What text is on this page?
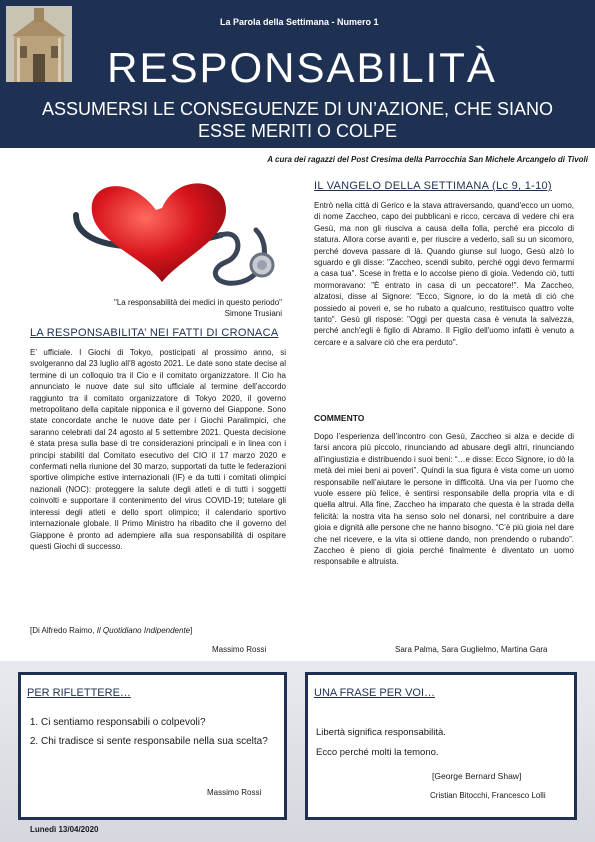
La Parola della Settimana - Numero 1
RESPONSABILITÀ
ASSUMERSI LE CONSEGUENZE DI UN’AZIONE, CHE SIANO
ESSE MERITI O COLPE
A cura dei ragazzi del Post Cresima della Parrocchia San Michele Arcangelo di Tivoli
"La responsabilità dei medici in questo periodo"
Simone Trusiani
LA RESPONSABILITA’ NEI FATTI DI CRONACA

E’ ufficiale. I Giochi di Tokyo, posticipati al prossimo anno, si svolgeranno dal 23 luglio all’8 agosto 2021. Le date sono state decise al termine di un colloquio tra il Cio e il comitato organizzatore. Il Cio ha annunciato le nuove date sul sito ufficiale al termine dell’accordo raggiunto tra il comitato organizzatore di Tokyo 2020, il governo metropolitano della capitale nipponica e il governo del Giappone. Sono state concordate anche le nuove date per i Giochi Paralimpici, che saranno celebrati dal 24 agosto al 5 settembre 2021. Questa decisione è stata presa sulla base di tre considerazioni principali e in linea con i principi stabiliti dal Comitato esecutivo del CIO il 17 marzo 2020 e confermati nella riunione del 30 marzo, supportati da tutte le federazioni sportive olimpiche estive internazionali (IF) e da tutti i comitati olimpici nazionali (NOC): proteggere la salute degli atleti e di tutti i soggetti coinvolti e supportare il contenimento del virus COVID-19; tutelare gli interessi degli atleti e dello sport olimpico; il calendario sportivo internazionale globale. Il Primo Ministro ha ribadito che il governo del Giappone è pronto ad adempiere alla sua responsabilità di ospitare questi Giochi di successo.

[Di Alfredo Raimo, Il Quotidiano Indipendente]
Massimo Rossi
IL VANGELO DELLA SETTIMANA (Lc 9, 1-10)

Entrò nella città di Gerico e la stava attraversando, quand'ecco un uomo, di nome Zaccheo, capo dei pubblicani e ricco, cercava di vedere chi era Gesù, ma non gli riusciva a causa della folla, perché era piccolo di statura. Allora corse avanti e, per riuscire a vederlo, salì su un sicomoro, perché doveva passare di là. Quando giunse sul luogo, Gesù alzò lo sguardo e gli disse: "Zaccheo, scendi subito, perché oggi devo fermarmi a casa tua". Scese in fretta e lo accolse pieno di gioia. Vedendo ciò, tutti mormoravano: "È entrato in casa di un peccatore!". Ma Zaccheo, alzatosi, disse al Signore: "Ecco, Signore, io do la metà di ciò che possiedo ai poveri e, se ho rubato a qualcuno, restituisco quattro volte tanto". Gesù gli rispose: "Oggi per questa casa è venuta la salvezza, perché anch'egli è figlio di Abramo. Il Figlio dell'uomo infatti è venuto a cercare e a salvare ciò che era perduto".

COMMENTO

Dopo l’esperienza dell’incontro con Gesù, Zaccheo si alza e decide di farsi ancora più piccolo, rinunciando ad abusare degli altri, rinunciando all’ingiustizia e distribuendo i suoi beni: “…e disse: Ecco Signore, io dò la metà dei miei beni ai poveri”. Quindi la sua figura è vista come un uomo responsabile nell’aiutare le persone in difficoltà. Una via per l’uomo che vuole essere più felice, è sentirsi responsabile della propria vita e di quella altrui. Alla fine, Zaccheo ha imparato che questa è la strada della felicità: la nostra vita ha senso solo nel donarsi, nel contribuire a dare gioia e dignità alle persone che ne hanno bisogno. “C’è più gioia nel dare che nel ricevere, e la vita si ottiene dando, non prendendo o rubando”. Zaccheo è pieno di gioia perché finalmente è diventato un uomo responsabile e altruista.

Sara Palma, Sara Guglielmo, Martina Gara
PER RIFLETTERE…
1. Ci sentiamo responsabili o colpevoli?
2. Chi tradisce si sente responsabile nella sua scelta?
Massimo Rossi
UNA FRASE PER VOI…
Libertà significa responsabilità.
Ecco perché molti la temono.
[George Bernard Shaw]
Cristian Bitocchi, Francesco Lolli
Lunedì 13/04/2020
